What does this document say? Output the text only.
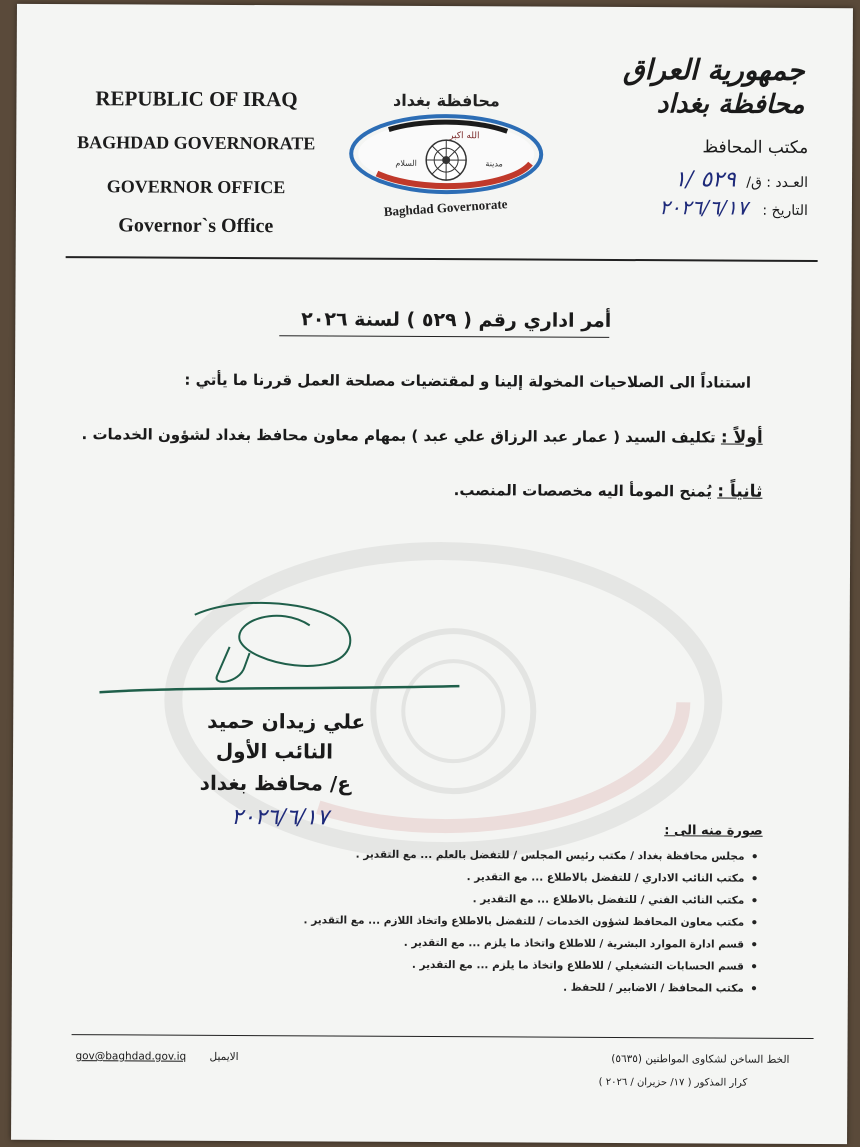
REPUBLIC OF IRAQ
BAGHDAD GOVERNORATE
GOVERNOR OFFICE
Governor`s Office
محافظة بغداد
الله اكبر
مدينة
السلام
Baghdad Governorate
جمهورية العراق
محافظة بغداد
مكتب المحافظ
العـدد : ق/ ٥٢٩ /١
التاريخ : ٢٠٢٦/٦/١٧
أمر اداري رقم ( ٥٢٩ ) لسنة ٢٠٢٦
استناداً الى الصلاحيات المخولة إلينا و لمقتضيات مصلحة العمل قررنا ما يأتي :
أولاً : تكليف السيد ( عمار عبد الرزاق علي عبد ) بمهام معاون محافظ بغداد لشؤون الخدمات .
ثانياً : يُمنح المومأ اليه مخصصات المنصب.
علي زيدان حميد
النائب الأول
ع/ محافظ بغداد
٢٠٢٦/٦/١٧
صورة منه الى :
• مجلس محافظة بغداد / مكتب رئيس المجلس / للتفضل بالعلم ... مع التقدير .
• مكتب النائب الاداري / للتفضل بالاطلاع ... مع التقدير .
• مكتب النائب الفني / للتفضل بالاطلاع ... مع التقدير .
• مكتب معاون المحافظ لشؤون الخدمات / للتفضل بالاطلاع واتخاذ اللازم ... مع التقدير .
• قسم ادارة الموارد البشرية / للاطلاع واتخاذ ما يلزم ... مع التقدير .
• قسم الحسابات التشغيلي / للاطلاع واتخاذ ما يلزم ... مع التقدير .
• مكتب المحافظ / الاضابير / للحفظ .
الخط الساخن لشكاوى المواطنين (٥٦٣٥)
كرار المذكور ( ١٧/ حزيران / ٢٠٢٦ )
gov@baghdad.gov.iq الايميل
